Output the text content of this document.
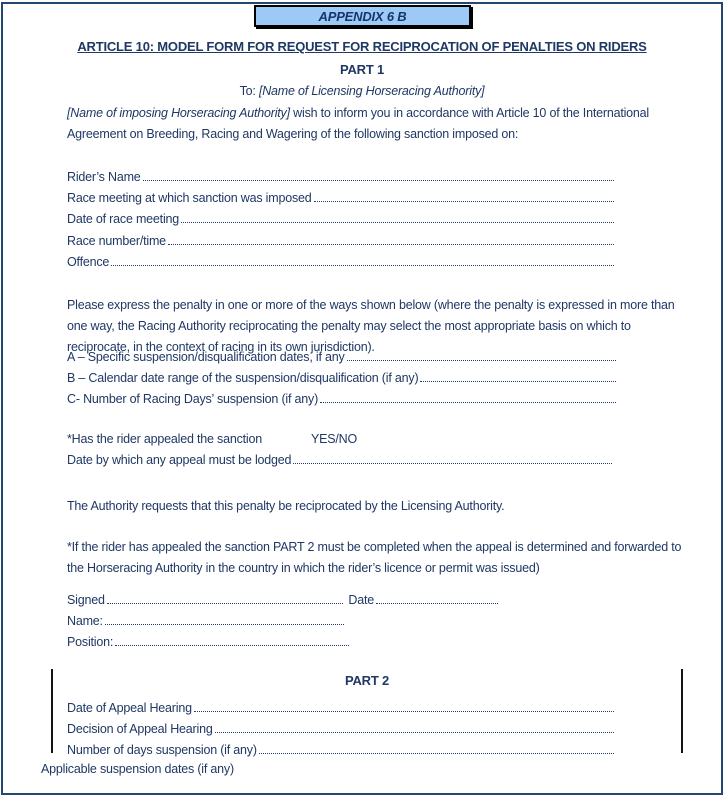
APPENDIX 6 B
ARTICLE 10: MODEL FORM FOR REQUEST FOR RECIPROCATION OF PENALTIES ON RIDERS
PART 1
To: [Name of Licensing Horseracing Authority]
[Name of imposing Horseracing Authority] wish to inform you in accordance with Article 10 of the International
Agreement on Breeding, Racing and Wagering of the following sanction imposed on:
Rider’s Name
Race meeting at which sanction was imposed
Date of race meeting
Race number/time
Offence
Please express the penalty in one or more of the ways shown below (where the penalty is expressed in more than
one way, the Racing Authority reciprocating the penalty may select the most appropriate basis on which to
reciprocate, in the context of racing in its own jurisdiction).
A – Specific suspension/disqualification dates, if any
B – Calendar date range of the suspension/disqualification (if any)
C- Number of Racing Days’ suspension (if any)
*Has the rider appealed the sanction	YES/NO
Date by which any appeal must be lodged
The Authority requests that this penalty be reciprocated by the Licensing Authority.
*If the rider has appealed the sanction PART 2 must be completed when the appeal is determined and forwarded to
the Horseracing Authority in the country in which the rider’s licence or permit was issued)
Signed	Date
Name:
Position:
PART 2
Date of Appeal Hearing
Decision of Appeal Hearing
Number of days suspension (if any)
Applicable suspension dates (if any)
